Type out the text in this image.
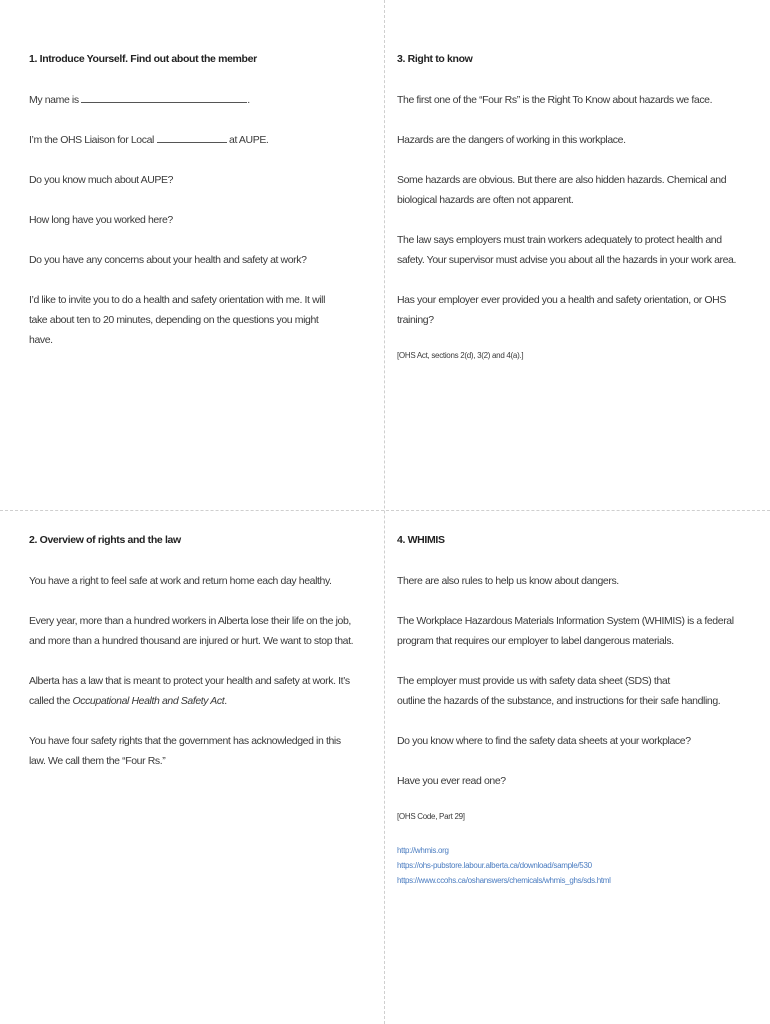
1. Introduce Yourself. Find out about the member

My name is	.

I’m the OHS Liaison for Local	at AUPE.

Do you know much about AUPE?

How long have you worked here?

Do you have any concerns about your health and safety at work?

I’d like to invite you to do a health and safety orientation with me. It will take about ten to 20 minutes, depending on the questions you might have.

3. Right to know

The first one of the “Four Rs” is the Right To Know about hazards we face.

Hazards are the dangers of working in this workplace.

Some hazards are obvious. But there are also hidden hazards. Chemical and biological hazards are often not apparent.

The law says employers must train workers adequately to protect health and safety. Your supervisor must advise you about all the hazards in your work area.

Has your employer ever provided you a health and safety orientation, or OHS training?

[OHS Act, sections 2(d), 3(2) and 4(a).]

2. Overview of rights and the law

You have a right to feel safe at work and return home each day healthy.

Every year, more than a hundred workers in Alberta lose their life on the job, and more than a hundred thousand are injured or hurt. We want to stop that.

Alberta has a law that is meant to protect your health and safety at work. It’s called the Occupational Health and Safety Act.

You have four safety rights that the government has acknowledged in this law. We call them the “Four Rs.”

4. WHIMIS

There are also rules to help us know about dangers.

The Workplace Hazardous Materials Information System (WHIMIS) is a federal program that requires our employer to label dangerous materials.

The employer must provide us with safety data sheet (SDS) that
outline the hazards of the substance, and instructions for their safe handling.

Do you know where to find the safety data sheets at your workplace?

Have you ever read one?

[OHS Code, Part 29]

http://whmis.org
https://ohs-pubstore.labour.alberta.ca/download/sample/530
https://www.ccohs.ca/oshanswers/chemicals/whmis_ghs/sds.html
